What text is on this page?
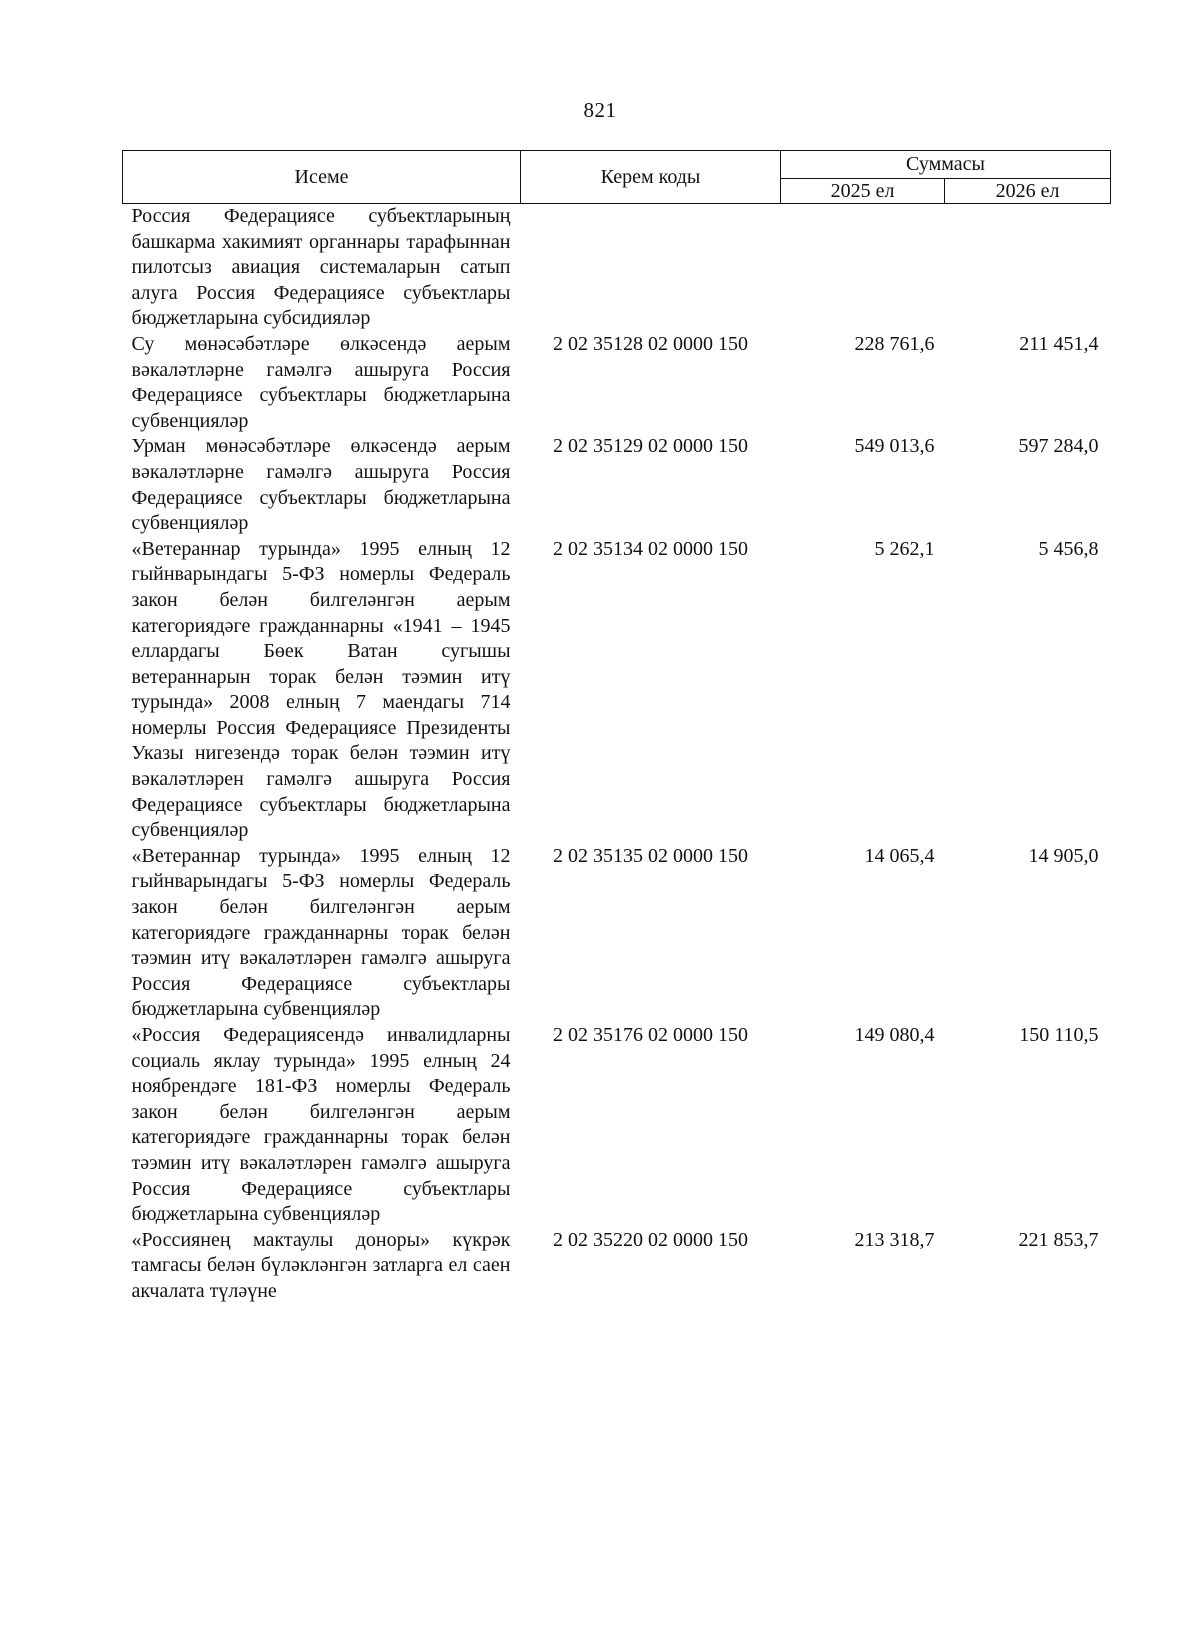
821
Исеме	Керем коды	Суммасы	
		2025 ел	2026 ел
Россия Федерациясе субъектларының башкарма хакимият органнары тарафыннан пилотсыз авиация системаларын сатып алуга Россия Федерациясе субъектлары бюджетларына субсидияләр			
Су мөнәсәбәтләре өлкәсендә аерым вәкаләтләрне гамәлгә ашыруга Россия Федерациясе субъектлары бюджетларына субвенцияләр	2 02 35128 02 0000 150	228 761,6	211 451,4
Урман мөнәсәбәтләре өлкәсендә аерым вәкаләтләрне гамәлгә ашыруга Россия Федерациясе субъектлары бюджетларына субвенцияләр	2 02 35129 02 0000 150	549 013,6	597 284,0
«Ветераннар турында» 1995 елның 12 гыйнварындагы 5-ФЗ номерлы Федераль закон белән билгеләнгән аерым категориядәге гражданнарны «1941 – 1945 еллардагы Бөек Ватан сугышы ветераннарын торак белән тәэмин итү турында» 2008 елның 7 маендагы 714 номерлы Россия Федерациясе Президенты Указы нигезендә торак белән тәэмин итү вәкаләтләрен гамәлгә ашыруга Россия Федерациясе субъектлары бюджетларына субвенцияләр	2 02 35134 02 0000 150	5 262,1	5 456,8
«Ветераннар турында» 1995 елның 12 гыйнварындагы 5-ФЗ номерлы Федераль закон белән билгеләнгән аерым категориядәге гражданнарны торак белән тәэмин итү вәкаләтләрен гамәлгә ашыруга Россия Федерациясе субъектлары бюджетларына субвенцияләр	2 02 35135 02 0000 150	14 065,4	14 905,0
«Россия Федерациясендә инвалидларны социаль яклау турында» 1995 елның 24 ноябрендәге 181-ФЗ номерлы Федераль закон белән билгеләнгән аерым категориядәге гражданнарны торак белән тәэмин итү вәкаләтләрен гамәлгә ашыруга Россия Федерациясе субъектлары бюджетларына субвенцияләр	2 02 35176 02 0000 150	149 080,4	150 110,5
«Россиянең мактаулы доноры» күкрәк тамгасы белән бүләкләнгән затларга ел саен акчалата түләүне	2 02 35220 02 0000 150	213 318,7	221 853,7
